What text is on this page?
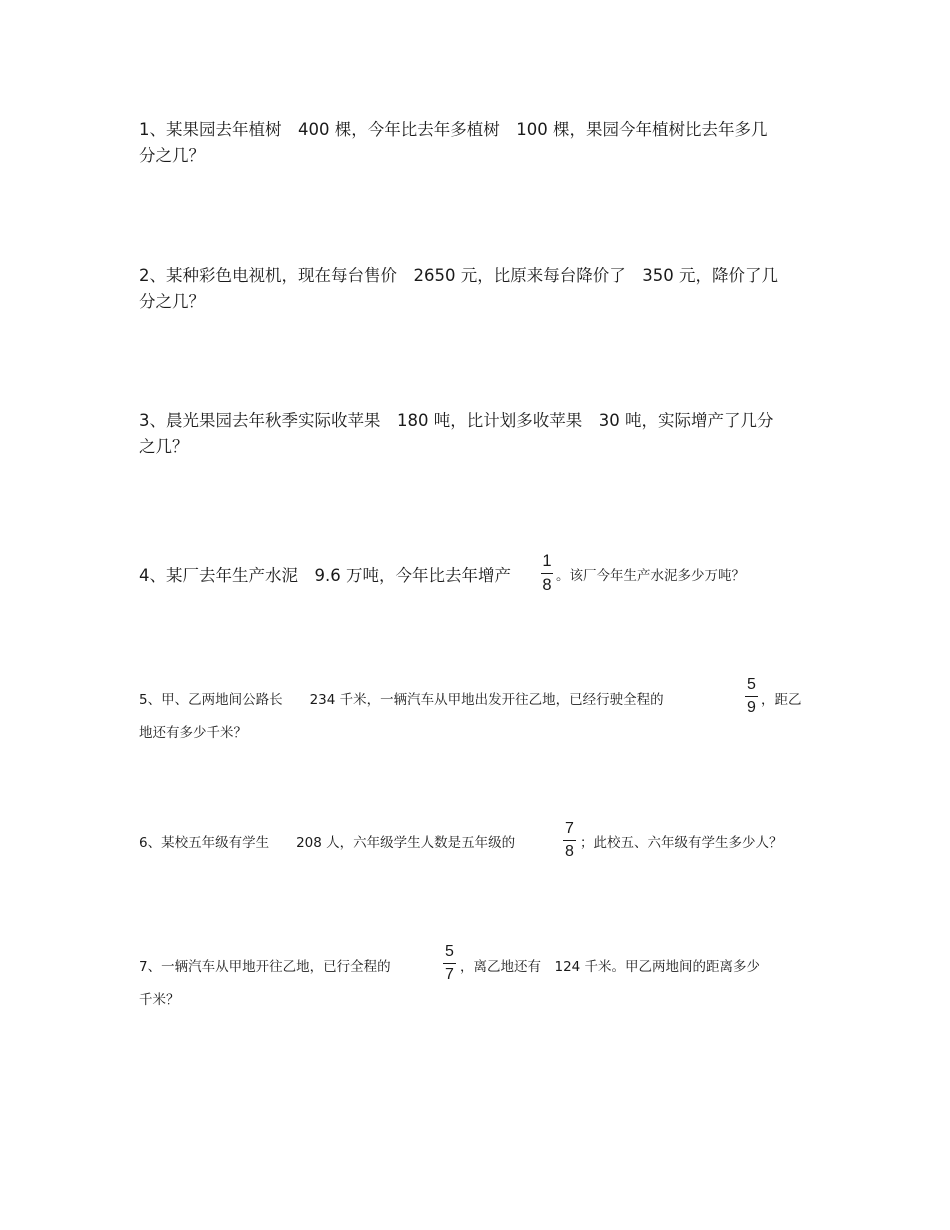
1、某果园去年植树　400 棵，今年比去年多植树　100 棵，果园今年植树比去年多几
分之几？
2、某种彩色电视机，现在每台售价　2650 元，比原来每台降价了　350 元，降价了几
分之几？
3、晨光果园去年秋季实际收苹果　180 吨，比计划多收苹果　30 吨，实际增产了几分
之几？
4、某厂去年生产水泥　9.6 万吨，今年比去年增产
1
8 。该厂今年生产水泥多少万吨？
5、甲、乙两地间公路长　　234 千米，一辆汽车从甲地出发开往乙地，已经行驶全程的
5
9 ，距乙
地还有多少千米？
6、某校五年级有学生　　208 人，六年级学生人数是五年级的
7
8 ；此校五、六年级有学生多少人？
7、一辆汽车从甲地开往乙地，已行全程的
5
7 ，离乙地还有　124 千米。甲乙两地间的距离多少
千米？
